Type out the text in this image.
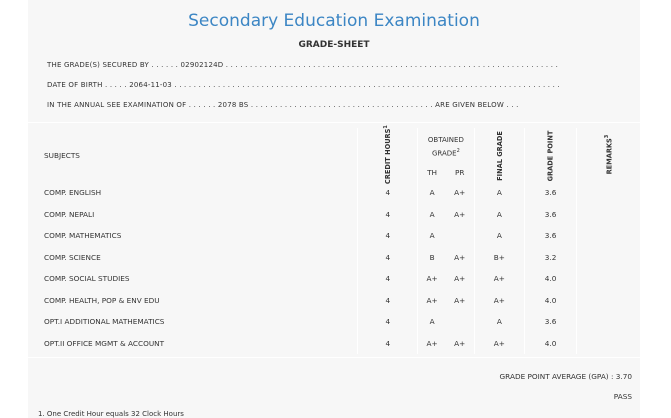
Secondary Education Examination
GRADE-SHEET
THE GRADE(S) SECURED BY . . . . . . 02902124D . . . . . . . . . . . . . . . . . . . . . . . . . . . . . . . . . . . . . . . . . . . . . . . . . . . . . . . . . . . . . . . . . . . . .
DATE OF BIRTH . . . . . 2064-11-03 . . . . . . . . . . . . . . . . . . . . . . . . . . . . . . . . . . . . . . . . . . . . . . . . . . . . . . . . . . . . . . . . . . . . . . . . . . . . . . . .
IN THE ANNUAL SEE EXAMINATION OF . . . . . . 2078 BS . . . . . . . . . . . . . . . . . . . . . . . . . . . . . . . . . . . . . . ARE GIVEN BELOW . . .
SUBJECTS	CREDIT HOURS$^1$	OBTAINED GRADE$^2$		FINAL GRADE	GRADE POINT	REMARKS$^3$
		TH	PR			
COMP. ENGLISH	4	A	A+	A	3.6	
COMP. NEPALI	4	A	A+	A	3.6	
COMP. MATHEMATICS	4	A		A	3.6	
COMP. SCIENCE	4	B	A+	B+	3.2	
COMP. SOCIAL STUDIES	4	A+	A+	A+	4.0	
COMP. HEALTH, POP & ENV EDU	4	A+	A+	A+	4.0	
OPT.I ADDITIONAL MATHEMATICS	4	A		A	3.6	
OPT.II OFFICE MGMT & ACCOUNT	4	A+	A+	A+	4.0	
GRADE POINT AVERAGE (GPA) : 3.70
PASS
1. One Credit Hour equals 32 Clock Hours
